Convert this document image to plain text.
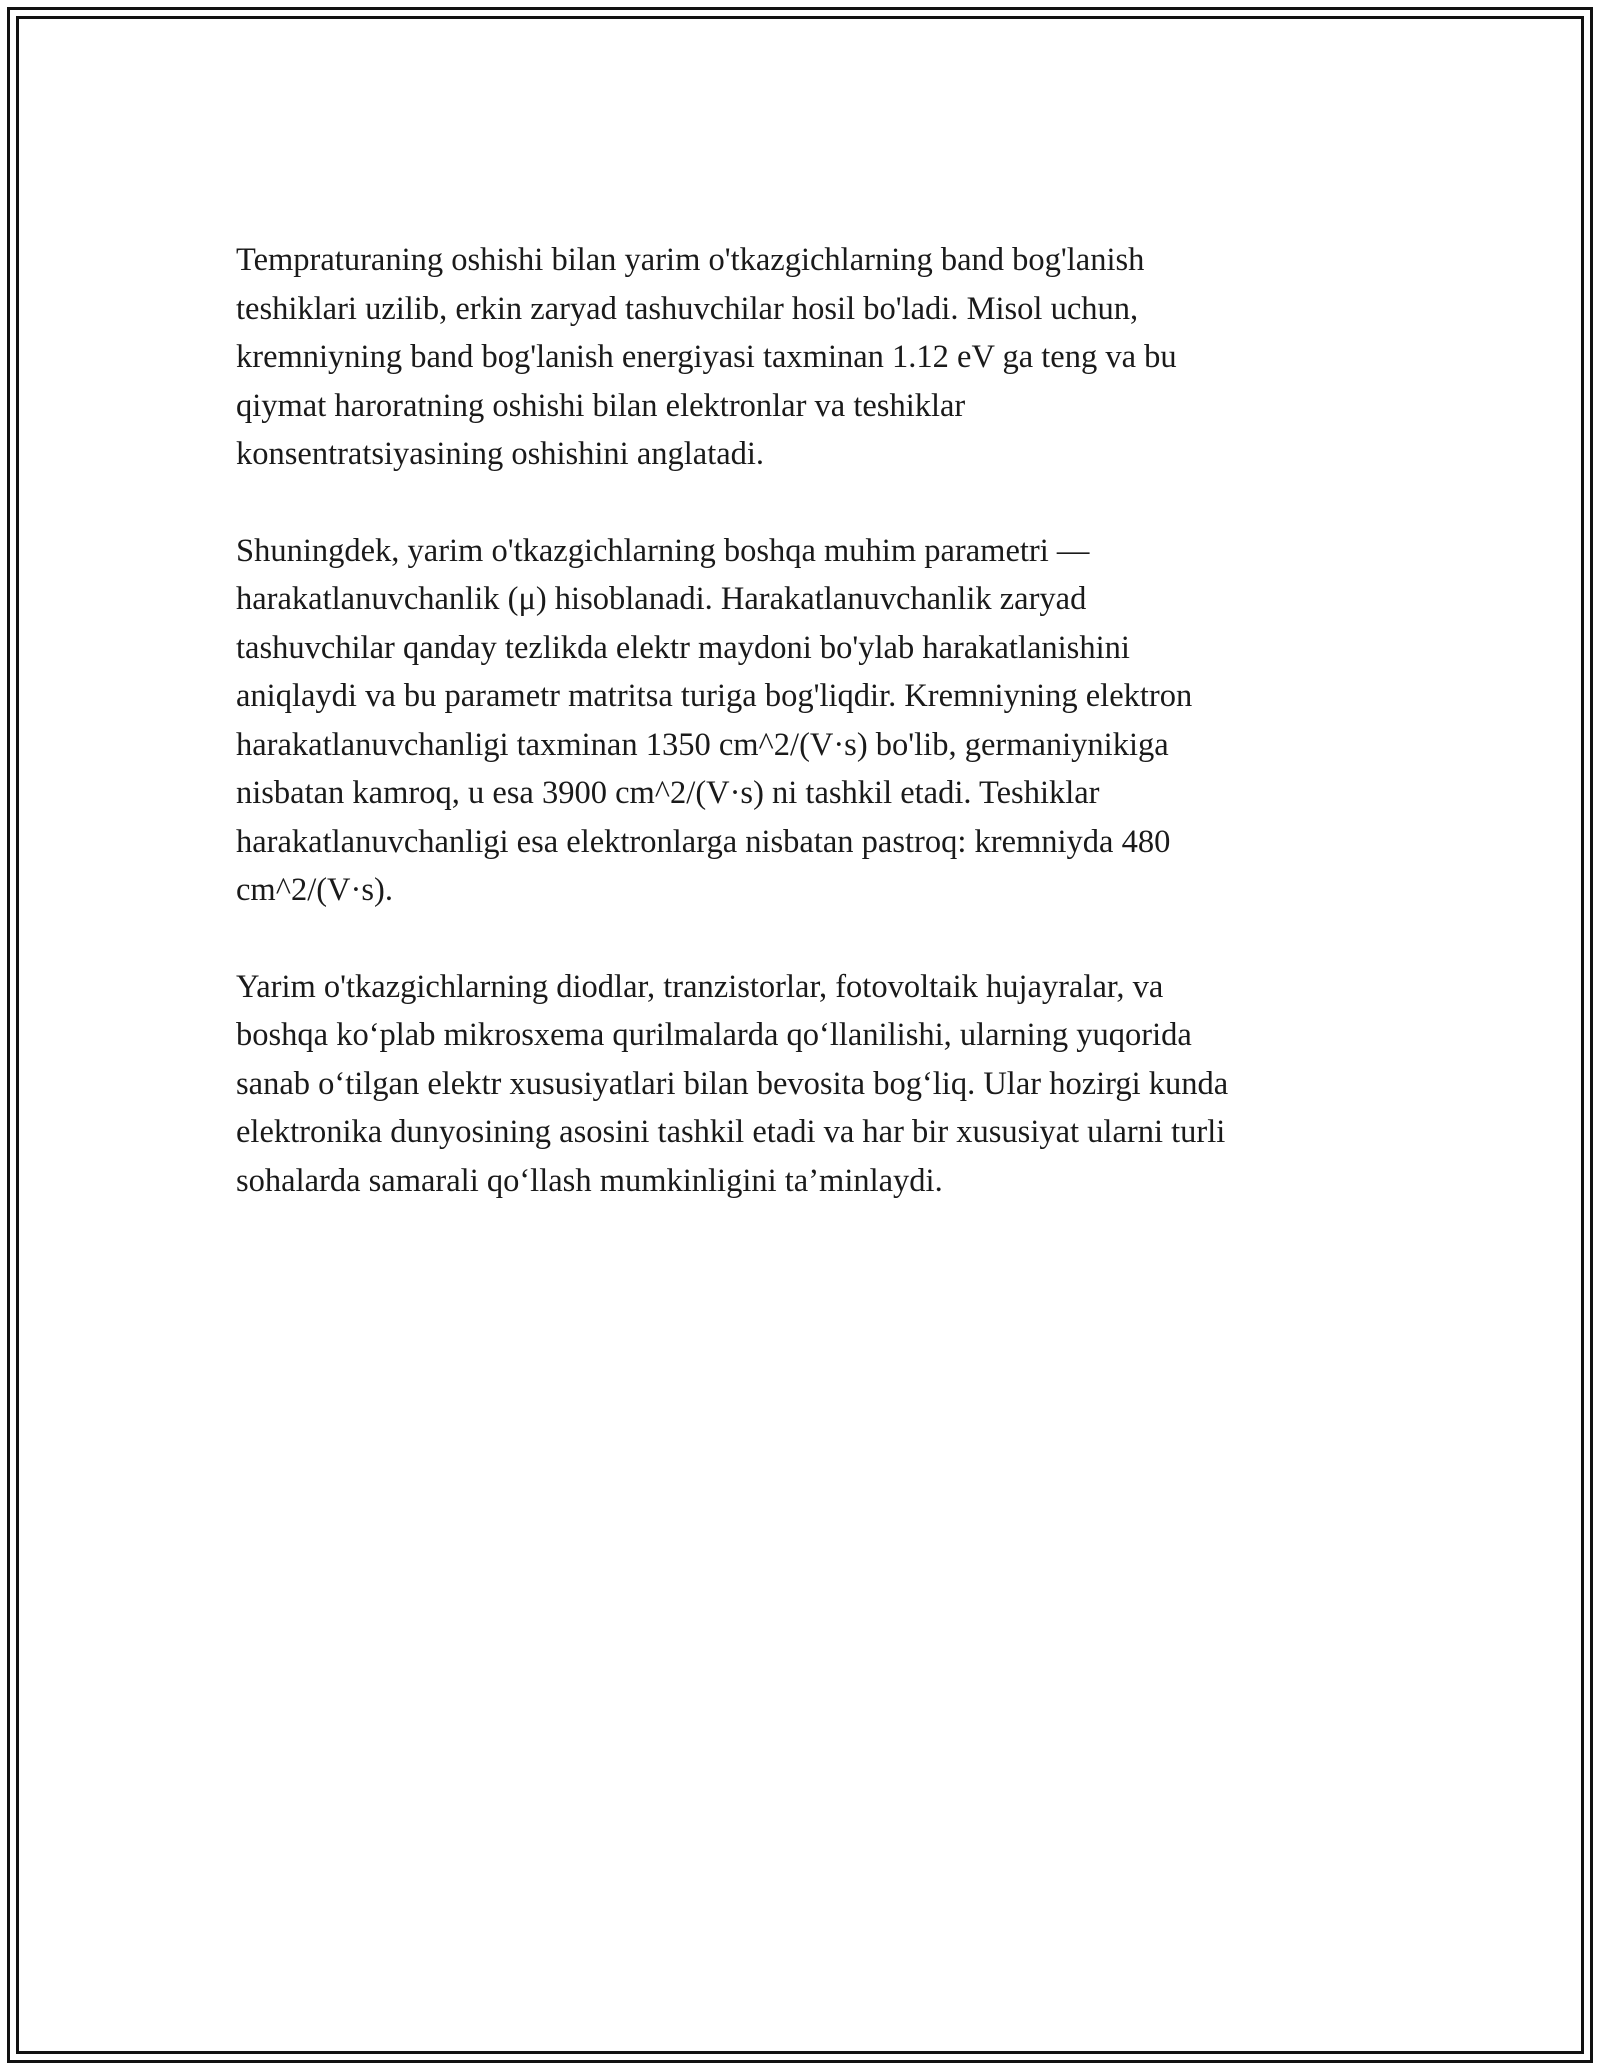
Tempraturaning oshishi bilan yarim o'tkazgichlarning band bog'lanish
teshiklari uzilib, erkin zaryad tashuvchilar hosil bo'ladi. Misol uchun,
kremniyning band bog'lanish energiyasi taxminan 1.12 eV ga teng va bu
qiymat haroratning oshishi bilan elektronlar va teshiklar
konsentratsiyasining oshishini anglatadi.

Shuningdek, yarim o'tkazgichlarning boshqa muhim parametri —
harakatlanuvchanlik (μ) hisoblanadi. Harakatlanuvchanlik zaryad
tashuvchilar qanday tezlikda elektr maydoni bo'ylab harakatlanishini
aniqlaydi va bu parametr matritsa turiga bog'liqdir. Kremniyning elektron
harakatlanuvchanligi taxminan 1350 cm^2/(V·s) bo'lib, germaniynikiga
nisbatan kamroq, u esa 3900 cm^2/(V·s) ni tashkil etadi. Teshiklar
harakatlanuvchanligi esa elektronlarga nisbatan pastroq: kremniyda 480
cm^2/(V·s).

Yarim o'tkazgichlarning diodlar, tranzistorlar, fotovoltaik hujayralar, va
boshqa ko‘plab mikrosxema qurilmalarda qo‘llanilishi, ularning yuqorida
sanab o‘tilgan elektr xususiyatlari bilan bevosita bog‘liq. Ular hozirgi kunda
elektronika dunyosining asosini tashkil etadi va har bir xususiyat ularni turli
sohalarda samarali qo‘llash mumkinligini ta’minlaydi.
